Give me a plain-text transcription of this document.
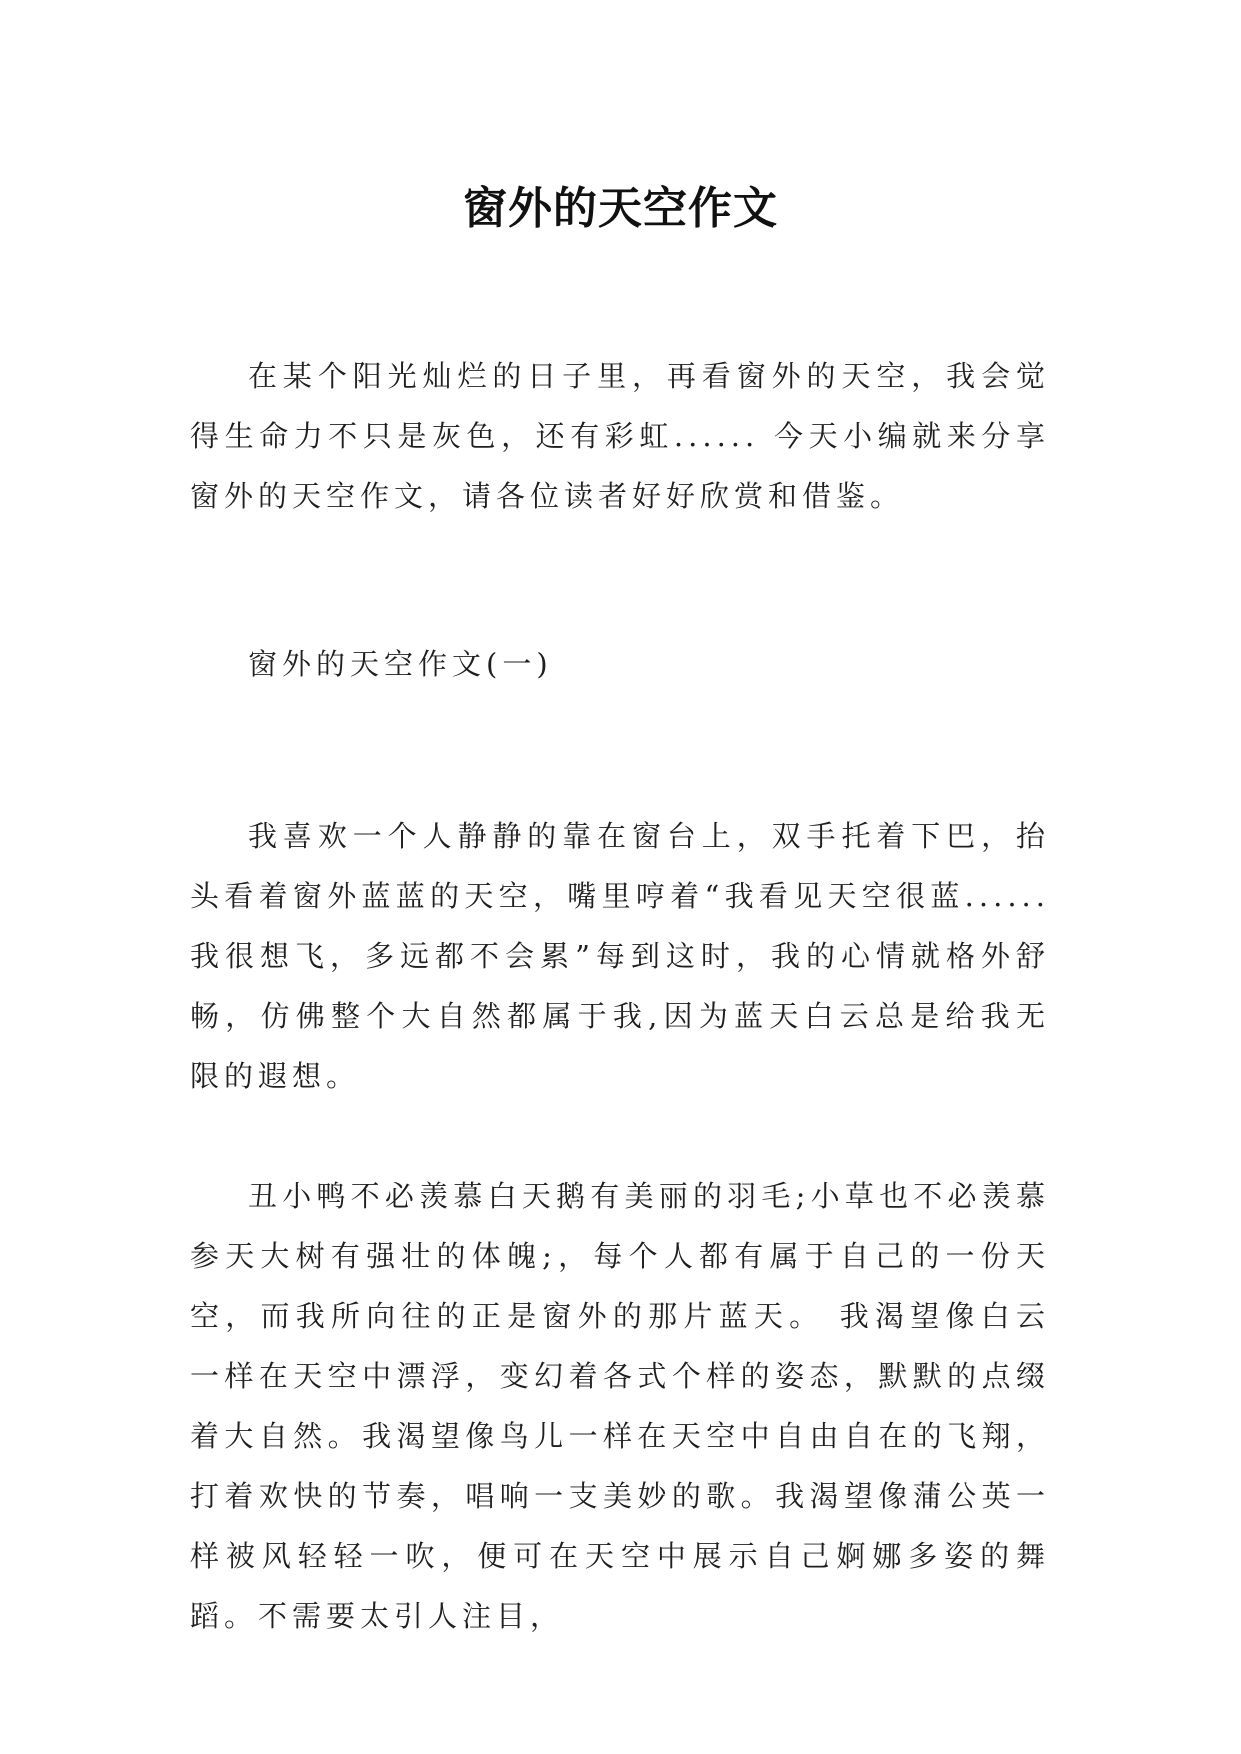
窗外的天空作文

在某个阳光灿烂的日子里，再看窗外的天空，我会觉得生命力不只是灰色，还有彩虹...... 今天小编就来分享窗外的天空作文，请各位读者好好欣赏和借鉴。

窗外的天空作文(一)

我喜欢一个人静静的靠在窗台上，双手托着下巴，抬头看着窗外蓝蓝的天空，嘴里哼着“我看见天空很蓝......我很想飞，多远都不会累”每到这时，我的心情就格外舒畅，仿佛整个大自然都属于我,因为蓝天白云总是给我无限的遐想。

丑小鸭不必羡慕白天鹅有美丽的羽毛;小草也不必羡慕参天大树有强壮的体魄;，每个人都有属于自己的一份天空，而我所向往的正是窗外的那片蓝天。 我渴望像白云一样在天空中漂浮，变幻着各式个样的姿态，默默的点缀着大自然。我渴望像鸟儿一样在天空中自由自在的飞翔，打着欢快的节奏，唱响一支美妙的歌。我渴望像蒲公英一样被风轻轻一吹，便可在天空中展示自己婀娜多姿的舞蹈。不需要太引人注目，
